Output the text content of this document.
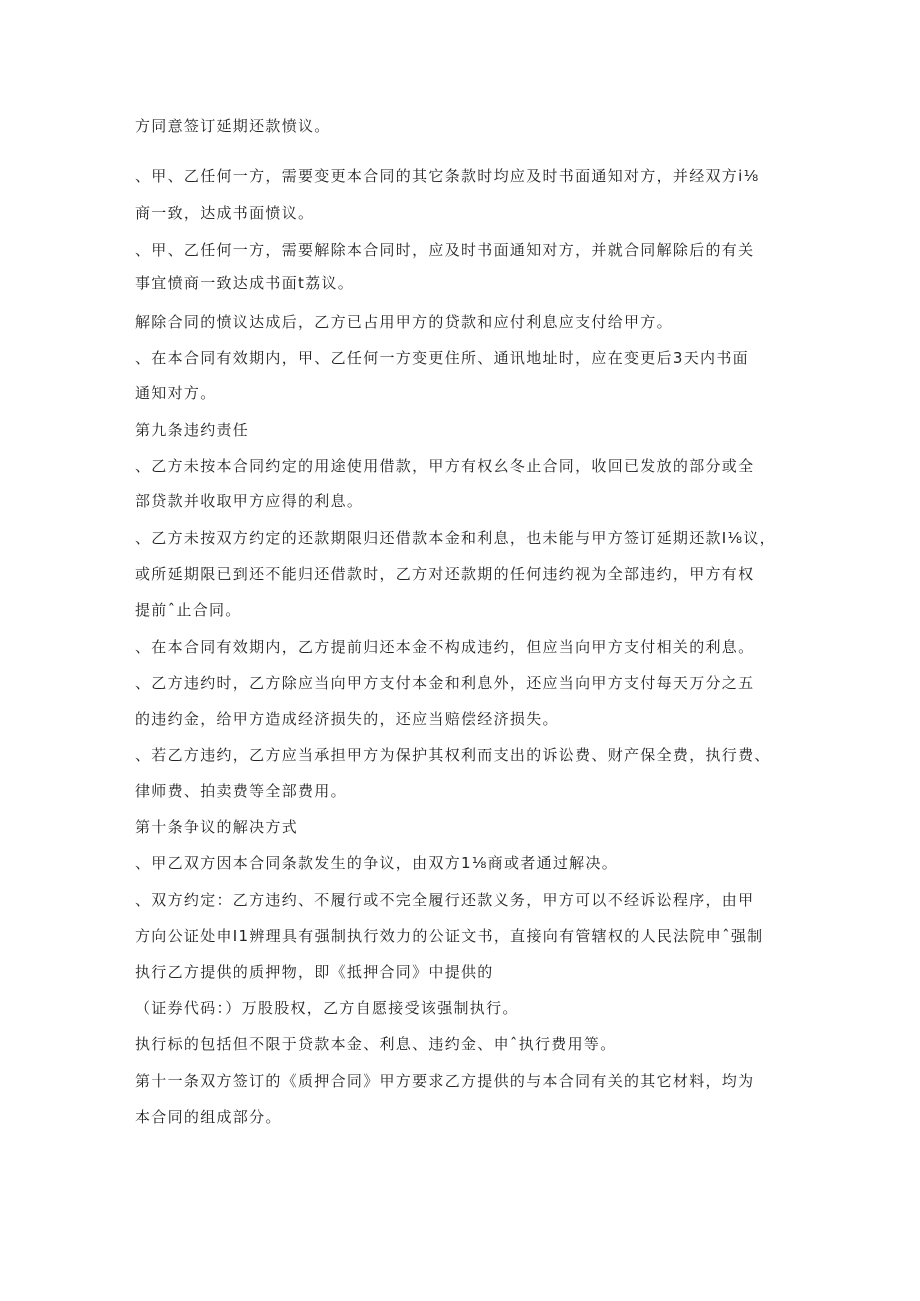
方同意签订延期还款愤议。
、甲、乙任何一方，需要变更本合同的其它条款时均应及时书面通知对方，并经双方i⅛
商一致，达成书面愤议。
、甲、乙任何一方，需要解除本合同时，应及时书面通知对方，并就合同解除后的有关
事宜愤商一致达成书面t荔议。
解除合同的愤议达成后，乙方已占用甲方的贷款和应付利息应支付给甲方。
、在本合同有效期内，甲、乙任何一方变更住所、通讯地址时，应在变更后3天内书面
通知对方。
第九条违约责任
、乙方未按本合同约定的用途使用借款，甲方有权幺冬止合同，收回已发放的部分或全
部贷款并收取甲方应得的利息。
、乙方未按双方约定的还款期限归还借款本金和利息，也未能与甲方签订延期还款I⅛议，
或所延期限已到还不能归还借款时，乙方对还款期的任何违约视为全部违约，甲方有权
提前ˆ止合同。
、在本合同有效期内，乙方提前归还本金不构成违约，但应当向甲方支付相关的利息。
、乙方违约时，乙方除应当向甲方支付本金和利息外，还应当向甲方支付每天万分之五
的违约金，给甲方造成经济损失的，还应当赔偿经济损失。
、若乙方违约，乙方应当承担甲方为保护其权利而支出的诉讼费、财产保全费，执行费、
律师费、拍卖费等全部费用。
第十条争议的解决方式
、甲乙双方因本合同条款发生的争议，由双方1⅛商或者通过解决。
、双方约定：乙方违约、不履行或不完全履行还款义务，甲方可以不经诉讼程序，由甲
方向公证处申I1辨理具有强制执行效力的公证文书，直接向有管辖权的人民法院申ˆ强制
执行乙方提供的质押物，即《抵押合同》中提供的
（证券代码：）万股股权，乙方自愿接受该强制执行。
执行标的包括但不限于贷款本金、利息、违约金、申ˆ执行费用等。
第十一条双方签订的《质押合同》甲方要求乙方提供的与本合同有关的其它材料，均为
本合同的组成部分。
